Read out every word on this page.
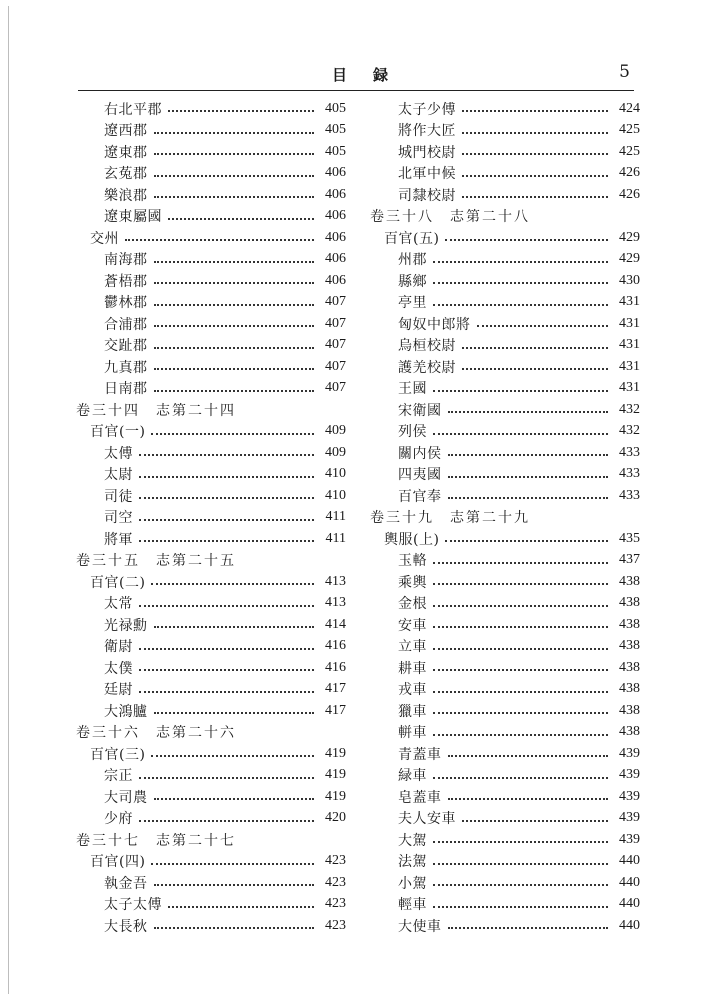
目録	5
右北平郡	405
遼西郡	405
遼東郡	405
玄菟郡	406
樂浪郡	406
遼東屬國	406
交州	406
南海郡	406
蒼梧郡	406
鬱林郡	407
合浦郡	407
交趾郡	407
九真郡	407
日南郡	407
卷三十四　志第二十四
百官(一)	409
太傅	409
太尉	410
司徒	410
司空	411
將軍	411
卷三十五　志第二十五
百官(二)	413
太常	413
光禄勳	414
衛尉	416
太僕	416
廷尉	417
大鴻臚	417
卷三十六　志第二十六
百官(三)	419
宗正	419
大司農	419
少府	420
卷三十七　志第二十七
百官(四)	423
執金吾	423
太子太傅	423
大長秋	423
太子少傅	424
將作大匠	425
城門校尉	425
北軍中候	426
司隸校尉	426
卷三十八　志第二十八
百官(五)	429
州郡	429
縣鄉	430
亭里	431
匈奴中郎將	431
烏桓校尉	431
護羌校尉	431
王國	431
宋衛國	432
列侯	432
關内侯	433
四夷國	433
百官奉	433
卷三十九　志第二十九
輿服(上)	435
玉輅	437
乘輿	438
金根	438
安車	438
立車	438
耕車	438
戎車	438
獵車	438
軿車	438
青蓋車	439
緑車	439
皂蓋車	439
夫人安車	439
大駕	439
法駕	440
小駕	440
輕車	440
大使車	440
